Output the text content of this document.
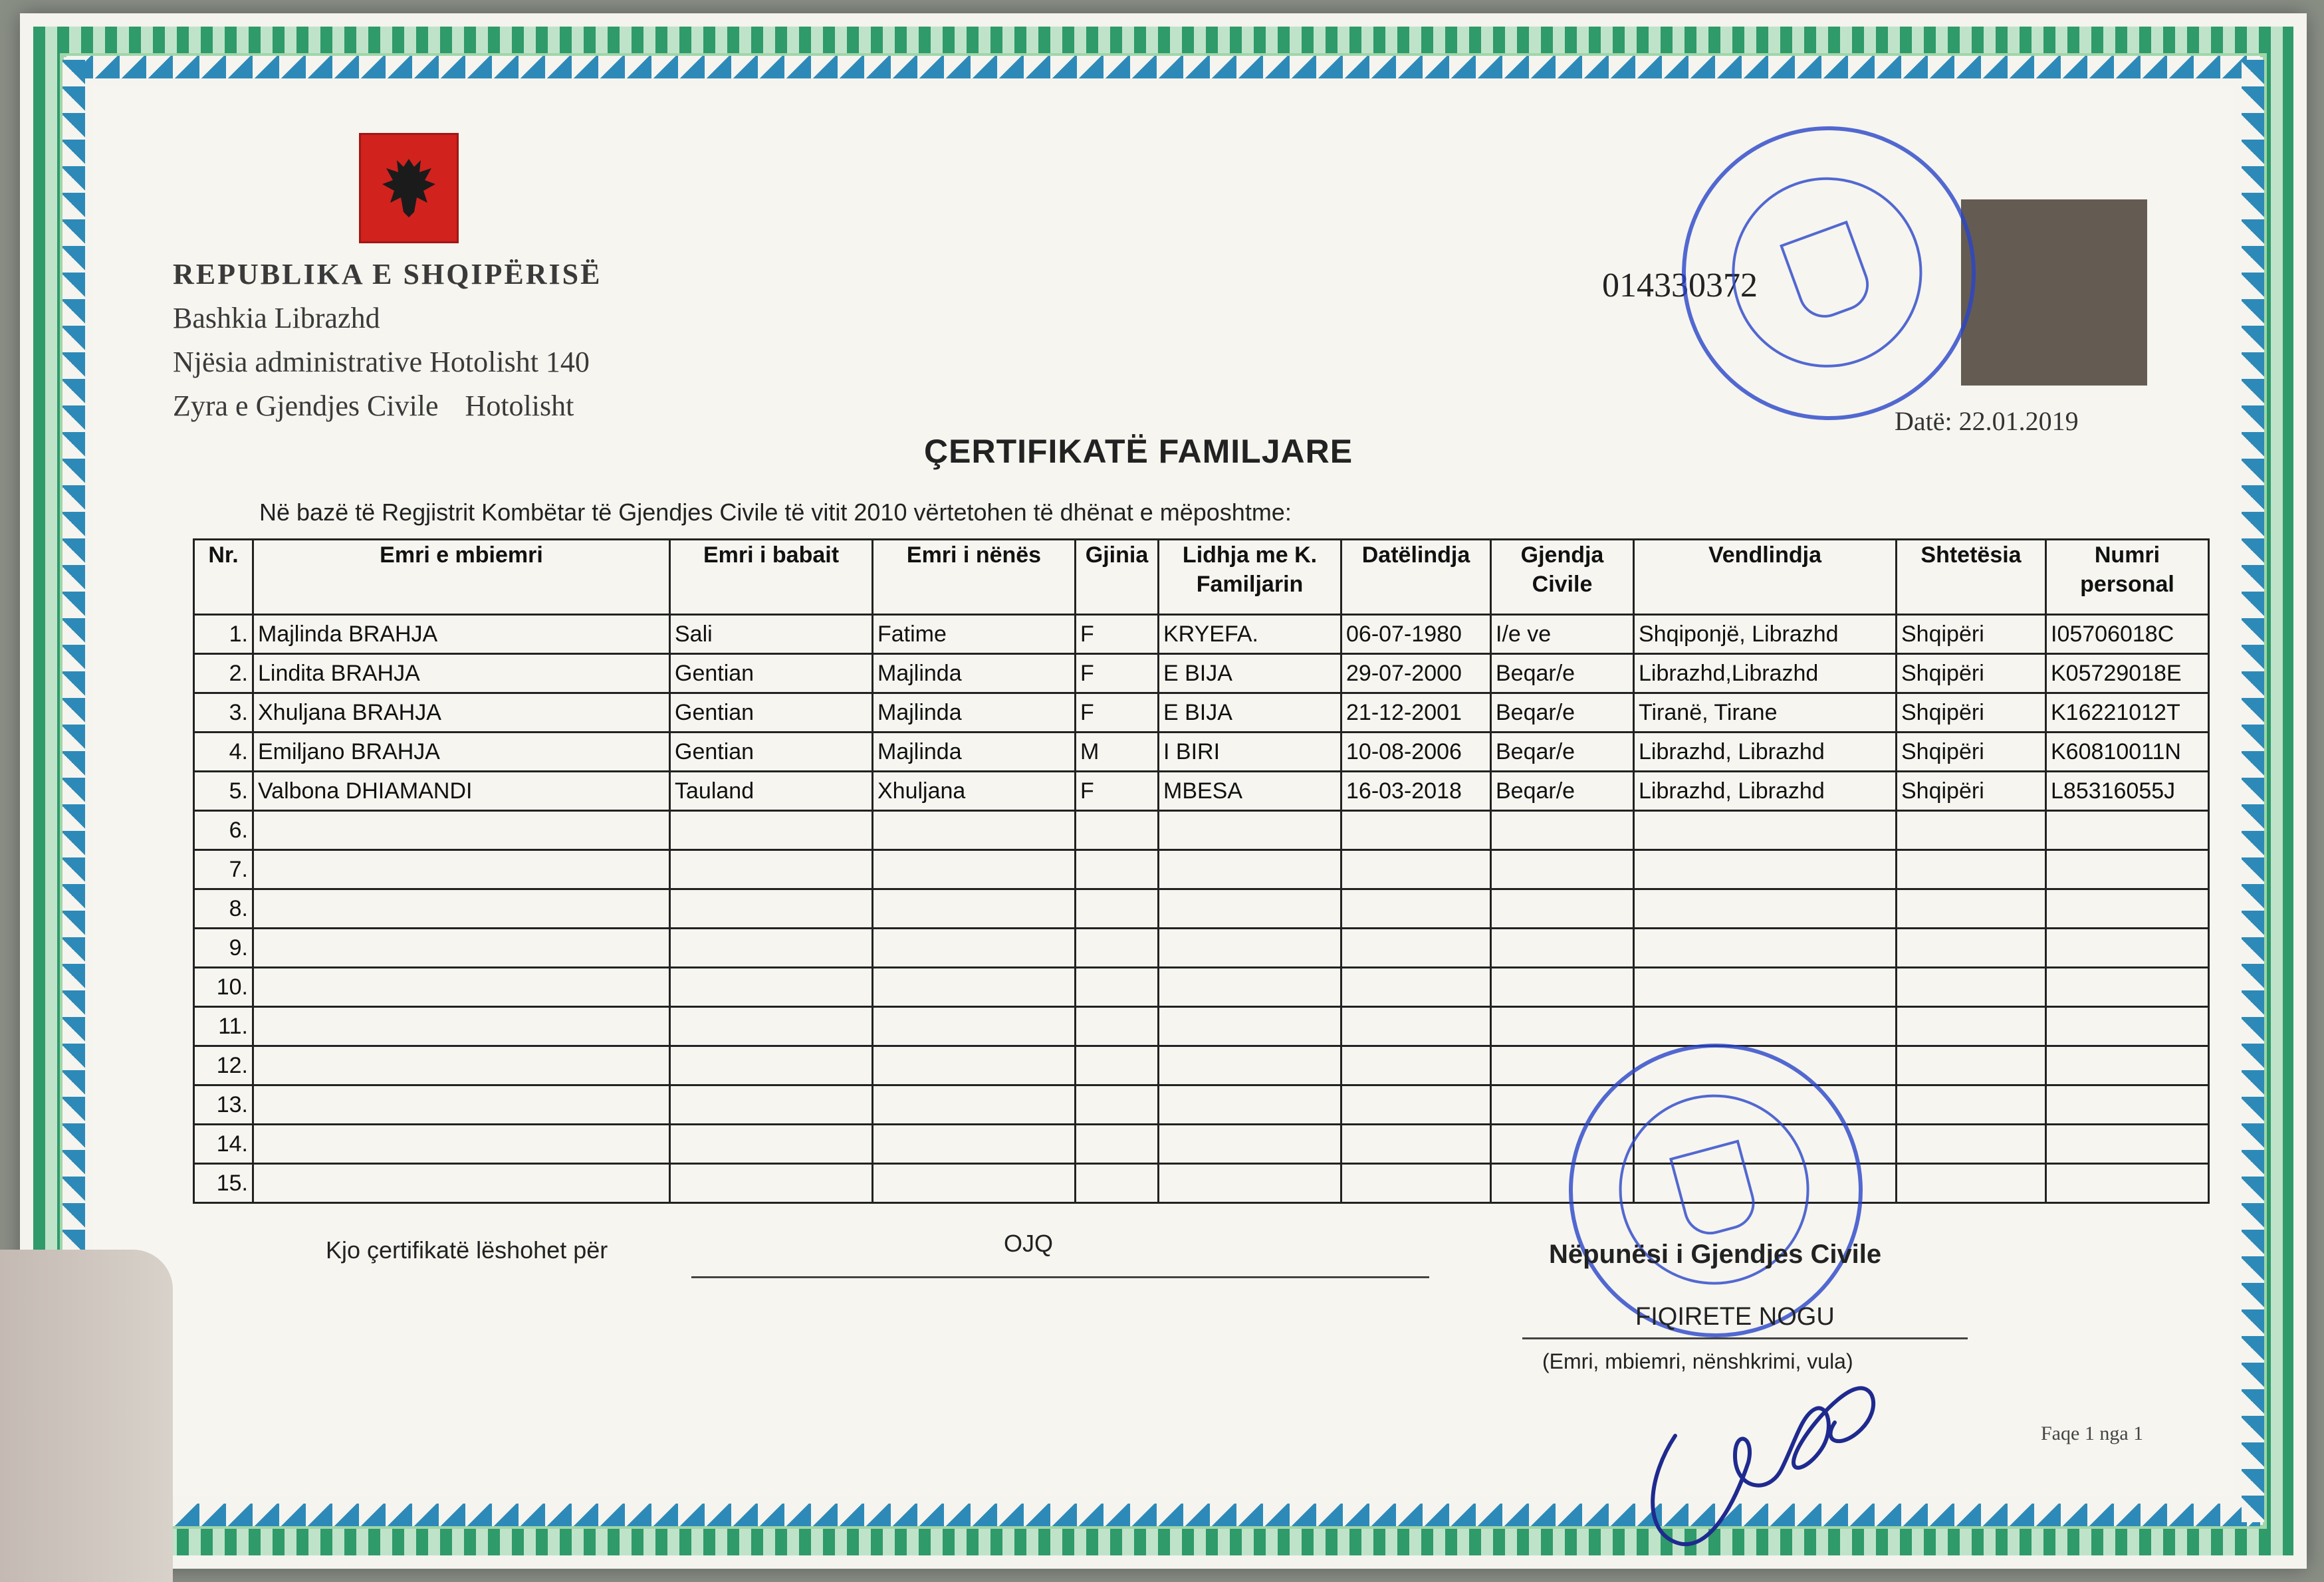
REPUBLIKA E SHQIPËRISË
Bashkia Librazhd
Njësia administrative Hotolisht 140
Zyra e Gjendjes Civile Hotolisht
014330372
Datë: 22.01.2019
ÇERTIFIKATË FAMILJARE
Në bazë të Regjistrit Kombëtar të Gjendjes Civile të vitit 2010 vërtetohen të dhënat e mëposhtme:
Nr.	Emri e mbiemri	Emri i babait	Emri i nënës	Gjinia	Lidhja me K. Familjarin	Datëlindja	Gjendja Civile	Vendlindja	Shtetësia	Numri personal
1.	Majlinda BRAHJA	Sali	Fatime	F	KRYEFA.	06-07-1980	I/e ve	Shqiponjë, Librazhd	Shqipëri	I05706018C
2.	Lindita BRAHJA	Gentian	Majlinda	F	E BIJA	29-07-2000	Beqar/e	Librazhd,Librazhd	Shqipëri	K05729018E
3.	Xhuljana BRAHJA	Gentian	Majlinda	F	E BIJA	21-12-2001	Beqar/e	Tiranë, Tirane	Shqipëri	K16221012T
4.	Emiljano BRAHJA	Gentian	Majlinda	M	I BIRI	10-08-2006	Beqar/e	Librazhd, Librazhd	Shqipëri	K60810011N
5.	Valbona DHIAMANDI	Tauland	Xhuljana	F	MBESA	16-03-2018	Beqar/e	Librazhd, Librazhd	Shqipëri	L85316055J
6.										
7.										
8.										
9.										
10.										
11.										
12.										
13.										
14.										
15.										
Kjo çertifikatë lëshohet për	OJQ	Nëpunësi i Gjendjes Civile
FIQIRETE NOGU
(Emri, mbiemri, nënshkrimi, vula)
Faqe 1 nga 1
